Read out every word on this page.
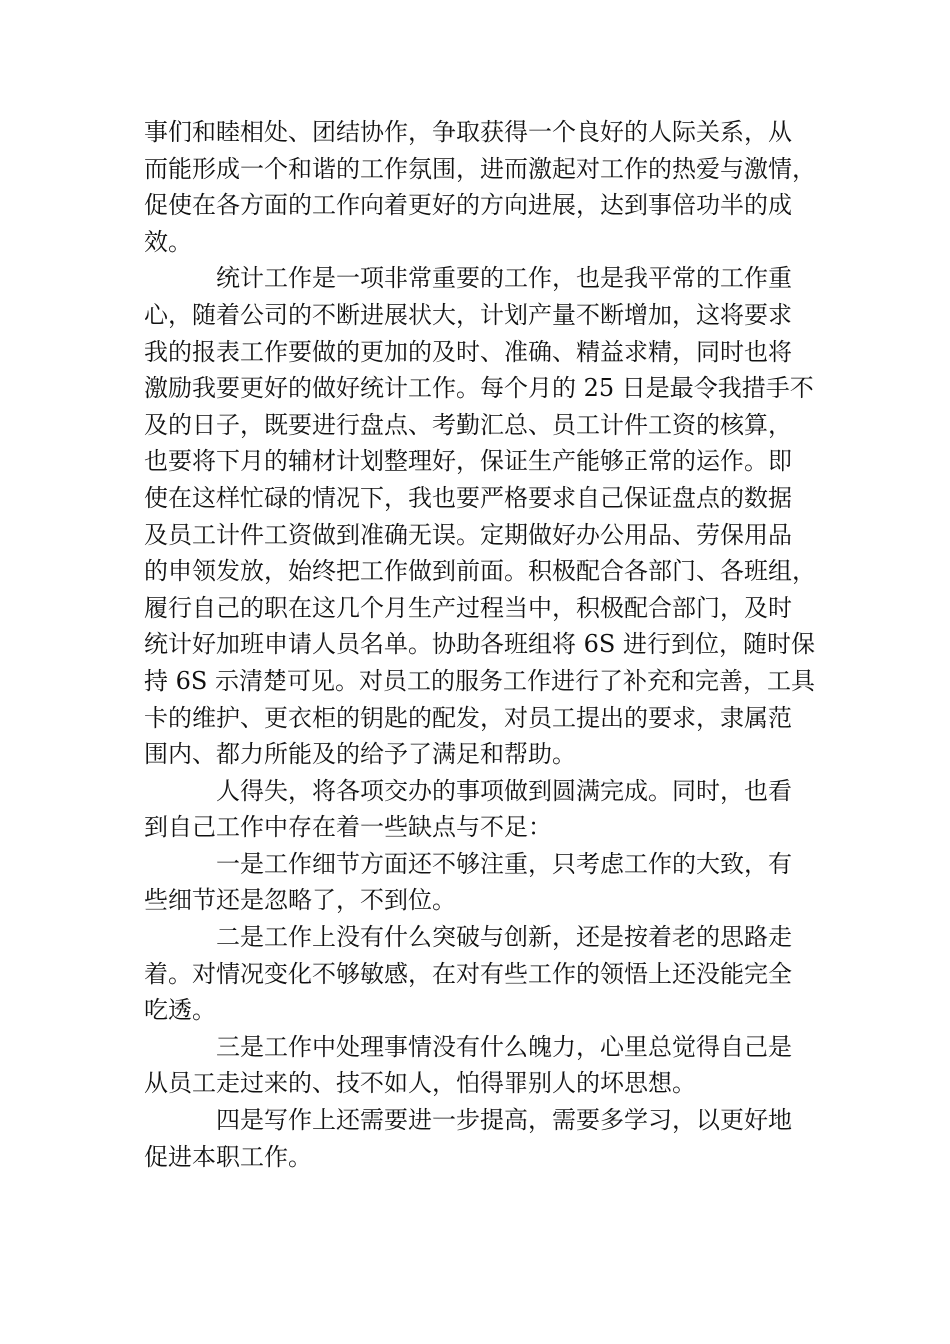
事们和睦相处、团结协作，争取获得一个良好的人际关系，从
而能形成一个和谐的工作氛围，进而激起对工作的热爱与激情，
促使在各方面的工作向着更好的方向进展，达到事倍功半的成
效。
统计工作是一项非常重要的工作，也是我平常的工作重
心，随着公司的不断进展状大，计划产量不断增加，这将要求
我的报表工作要做的更加的及时、准确、精益求精，同时也将
激励我要更好的做好统计工作。每个月的 25 日是最令我措手不
及的日子，既要进行盘点、考勤汇总、员工计件工资的核算，
也要将下月的辅材计划整理好，保证生产能够正常的运作。即
使在这样忙碌的情况下，我也要严格要求自己保证盘点的数据
及员工计件工资做到准确无误。定期做好办公用品、劳保用品
的申领发放，始终把工作做到前面。积极配合各部门、各班组，
履行自己的职在这几个月生产过程当中，积极配合部门，及时
统计好加班申请人员名单。协助各班组将 6S 进行到位，随时保
持 6S 示清楚可见。对员工的服务工作进行了补充和完善，工具
卡的维护、更衣柜的钥匙的配发，对员工提出的要求，隶属范
围内、都力所能及的给予了满足和帮助。
人得失，将各项交办的事项做到圆满完成。同时，也看
到自己工作中存在着一些缺点与不足：
一是工作细节方面还不够注重，只考虑工作的大致，有
些细节还是忽略了，不到位。
二是工作上没有什么突破与创新，还是按着老的思路走
着。对情况变化不够敏感，在对有些工作的领悟上还没能完全
吃透。
三是工作中处理事情没有什么魄力，心里总觉得自己是
从员工走过来的、技不如人，怕得罪别人的坏思想。
四是写作上还需要进一步提高，需要多学习，以更好地
促进本职工作。
